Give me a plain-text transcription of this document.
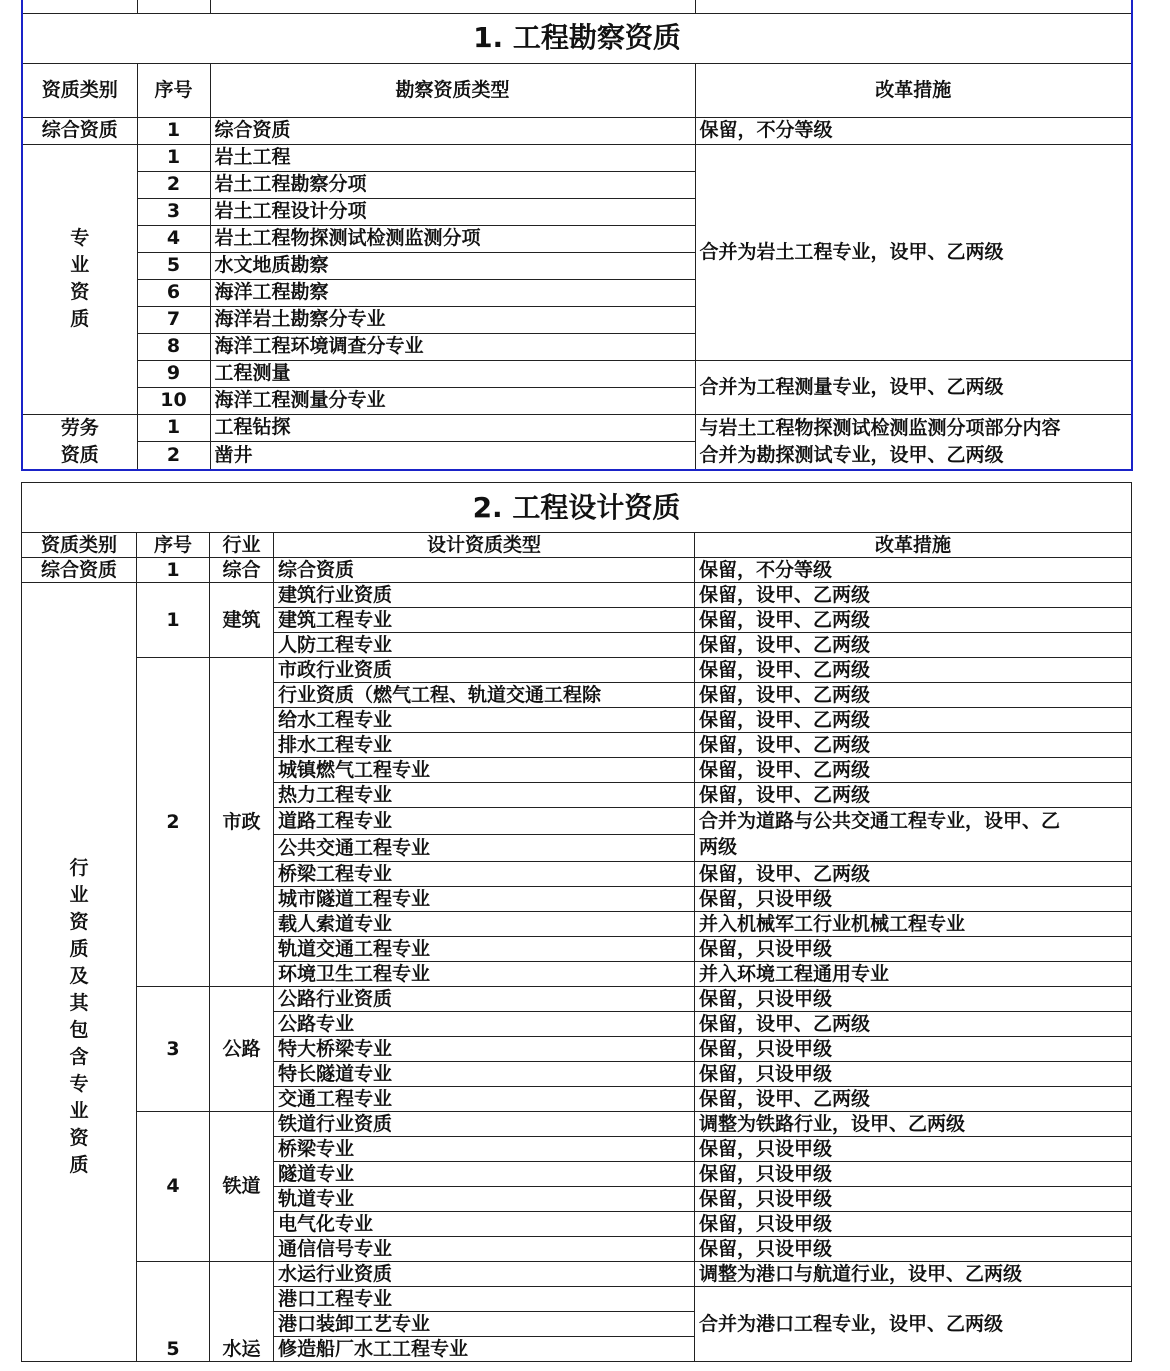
1. 工程勘察资质			
资质类别	序号	勘察资质类型	改革措施
综合资质	1	综合资质	保留，不分等级
专业资质	1	岩土工程	合并为岩土工程专业，设甲、乙两级
	2	岩土工程勘察分项	
	3	岩土工程设计分项	
	4	岩土工程物探测试检测监测分项	
	5	水文地质勘察	
	6	海洋工程勘察	
	7	海洋岩土勘察分专业	
	8	海洋工程环境调查分专业	
	9	工程测量	合并为工程测量专业，设甲、乙两级
	10	海洋工程测量分专业	
劳务资质	1	工程钻探	与岩土工程物探测试检测监测分项部分内容
	2	凿井	合并为勘探测试专业，设甲、乙两级
2. 工程设计资质				
资质类别	序号	行业	设计资质类型	改革措施
综合资质	1	综合	综合资质	保留，不分等级
行业资质及其包含专业资质	1	建筑	建筑行业资质	保留，设甲、乙两级
			建筑工程专业	保留，设甲、乙两级
			人防工程专业	保留，设甲、乙两级
	2	市政	市政行业资质	保留，设甲、乙两级
			行业资质（燃气工程、轨道交通工程除	保留，设甲、乙两级
			给水工程专业	保留，设甲、乙两级
			排水工程专业	保留，设甲、乙两级
			城镇燃气工程专业	保留，设甲、乙两级
			热力工程专业	保留，设甲、乙两级
			道路工程专业	合并为道路与公共交通工程专业，设甲、乙
			公共交通工程专业	两级
			桥梁工程专业	保留，设甲、乙两级
			城市隧道工程专业	保留，只设甲级
			载人索道专业	并入机械军工行业机械工程专业
			轨道交通工程专业	保留，只设甲级
			环境卫生工程专业	并入环境工程通用专业
	3	公路	公路行业资质	保留，只设甲级
			公路专业	保留，设甲、乙两级
			特大桥梁专业	保留，只设甲级
			特长隧道专业	保留，只设甲级
			交通工程专业	保留，设甲、乙两级
	4	铁道	铁道行业资质	调整为铁路行业，设甲、乙两级
			桥梁专业	保留，只设甲级
			隧道专业	保留，只设甲级
			轨道专业	保留，只设甲级
			电气化专业	保留，只设甲级
			通信信号专业	保留，只设甲级
	5	水运	水运行业资质	调整为港口与航道行业，设甲、乙两级
			港口工程专业	合并为港口工程专业，设甲、乙两级
			港口装卸工艺专业	
			修造船厂水工工程专业	
